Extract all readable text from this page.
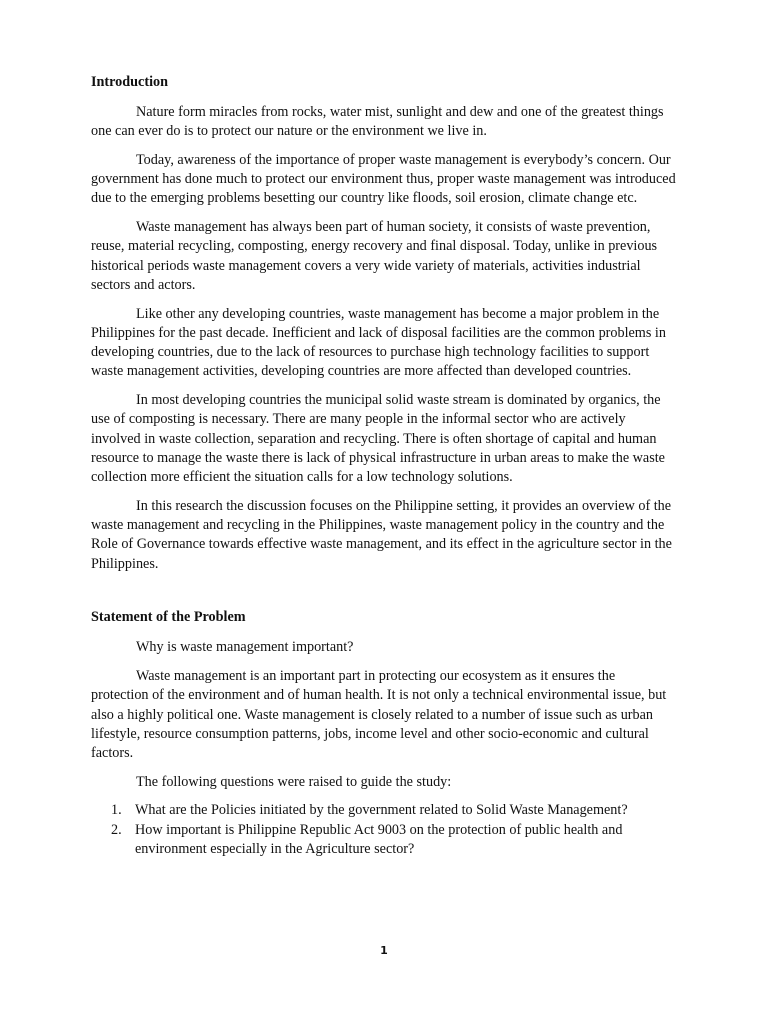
Introduction

Nature form miracles from rocks, water mist, sunlight and dew and one of the greatest things one can ever do is to protect our nature or the environment we live in.

Today, awareness of the importance of proper waste management is everybody’s concern. Our government has done much to protect our environment thus, proper waste management was introduced due to the emerging problems besetting our country like floods, soil erosion, climate change etc.

Waste management has always been part of human society, it consists of waste prevention, reuse, material recycling, composting, energy recovery and final disposal. Today, unlike in previous historical periods waste management covers a very wide variety of materials, activities industrial sectors and actors.

Like other any developing countries, waste management has become a major problem in the Philippines for the past decade. Inefficient and lack of disposal facilities are the common problems in developing countries, due to the lack of resources to purchase high technology facilities to support waste management activities, developing countries are more affected than developed countries.

In most developing countries the municipal solid waste stream is dominated by organics, the use of composting is necessary. There are many people in the informal sector who are actively involved in waste collection, separation and recycling. There is often shortage of capital and human resource to manage the waste there is lack of physical infrastructure in urban areas to make the waste collection more efficient the situation calls for a low technology solutions.

In this research the discussion focuses on the Philippine setting, it provides an overview of the waste management and recycling in the Philippines, waste management policy in the country and the Role of Governance towards effective waste management, and its effect in the agriculture sector in the Philippines.

Statement of the Problem

Why is waste management important?

Waste management is an important part in protecting our ecosystem as it ensures the protection of the environment and of human health. It is not only a technical environmental issue, but also a highly political one. Waste management is closely related to a number of issue such as urban lifestyle, resource consumption patterns, jobs, income level and other socio-economic and cultural factors.

The following questions were raised to guide the study:

1. What are the Policies initiated by the government related to Solid Waste Management?
2. How important is Philippine Republic Act 9003 on the protection of public health and environment especially in the Agriculture sector?
1
